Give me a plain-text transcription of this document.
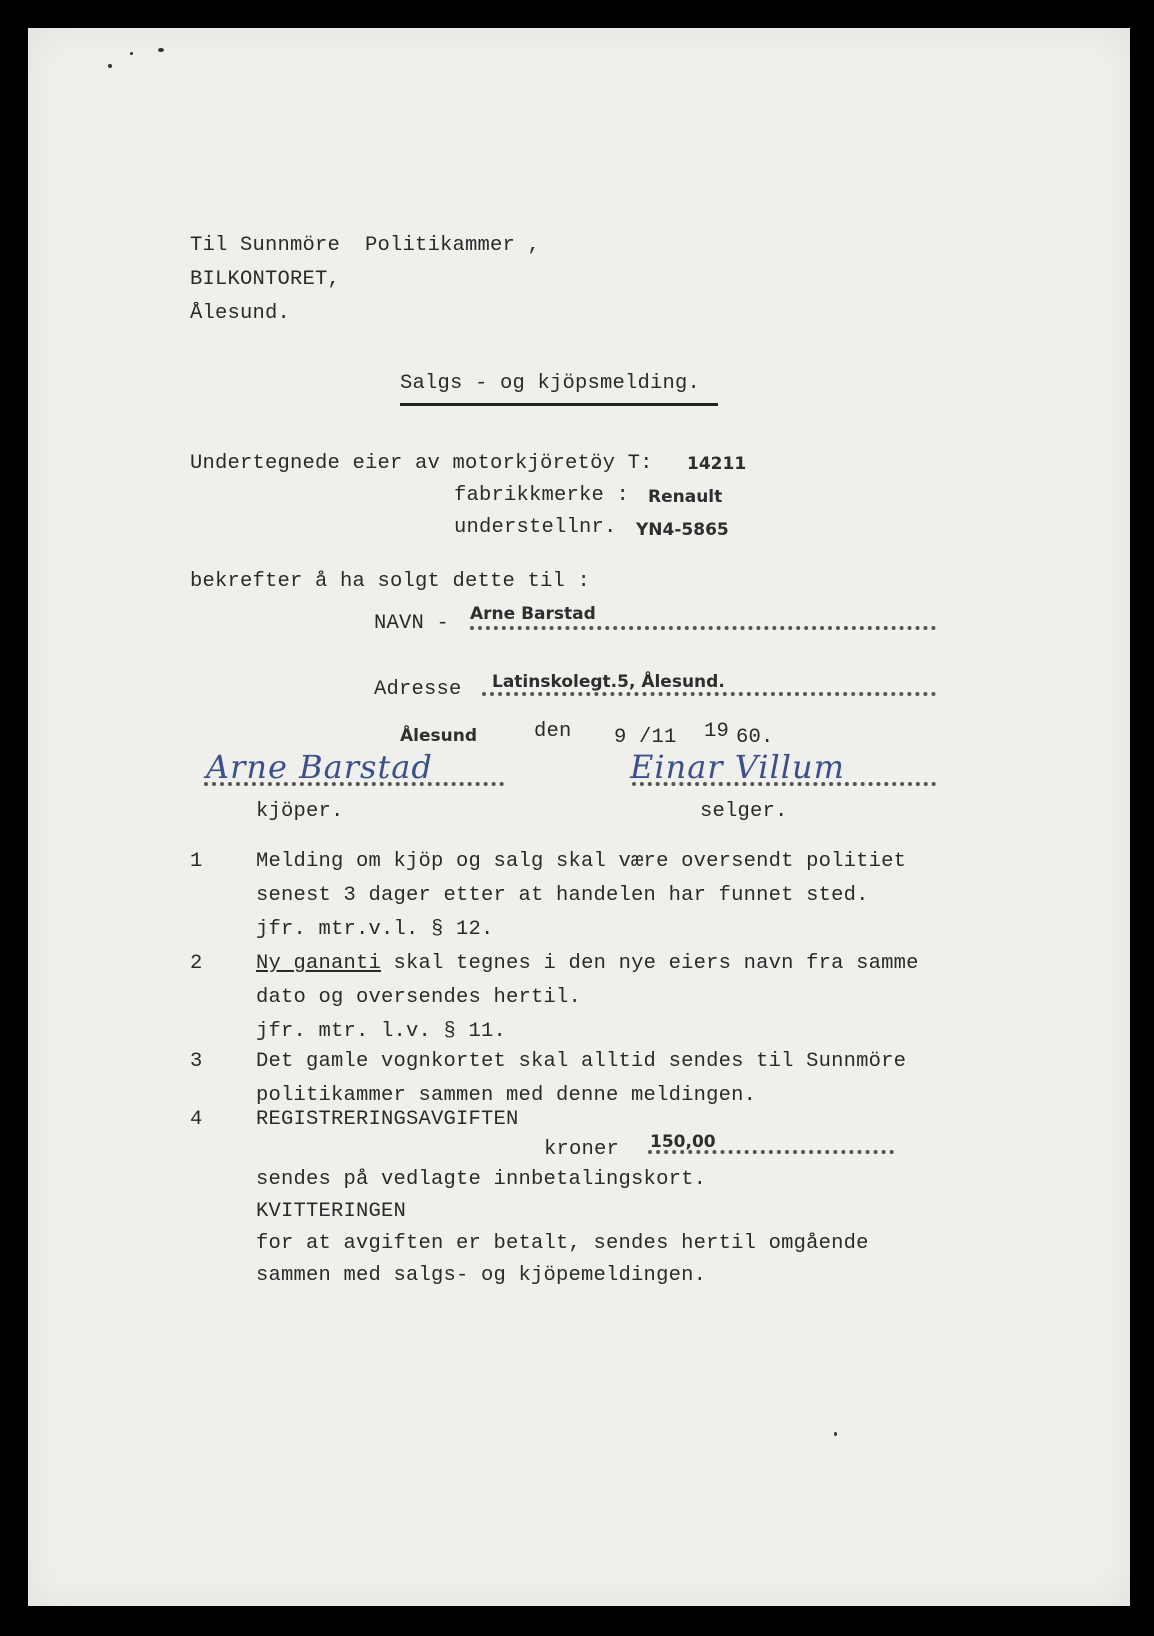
Til Sunnmöre  Politikammer ,
BILKONTORET,
Ålesund.
Salgs - og kjöpsmelding.
Undertegnede eier av motorkjöretöy T: 14211
fabrikkmerke : Renault
understellnr. YN4-5865
bekrefter å ha solgt dette til :
NAVN - Arne Barstad
Adresse Latinskolegt.5, Ålesund.
Ålesund	den 9 /11 19 60.
Arne Barstad	Einar Villum
kjöper.	selger.
1	Melding om kjöp og salg skal være oversendt politiet
senest 3 dager etter at handelen har funnet sted.
jfr. mtr.v.l. § 12.
2	Ny gananti skal tegnes i den nye eiers navn fra samme
dato og oversendes hertil.
jfr. mtr. l.v. § 11.
3	Det gamle vognkortet skal alltid sendes til Sunnmöre
politikammer sammen med denne meldingen.
4	REGISTRERINGSAVGIFTEN
kroner 150,00
sendes på vedlagte innbetalingskort.
KVITTERINGEN
for at avgiften er betalt, sendes hertil omgående
sammen med salgs- og kjöpemeldingen.
